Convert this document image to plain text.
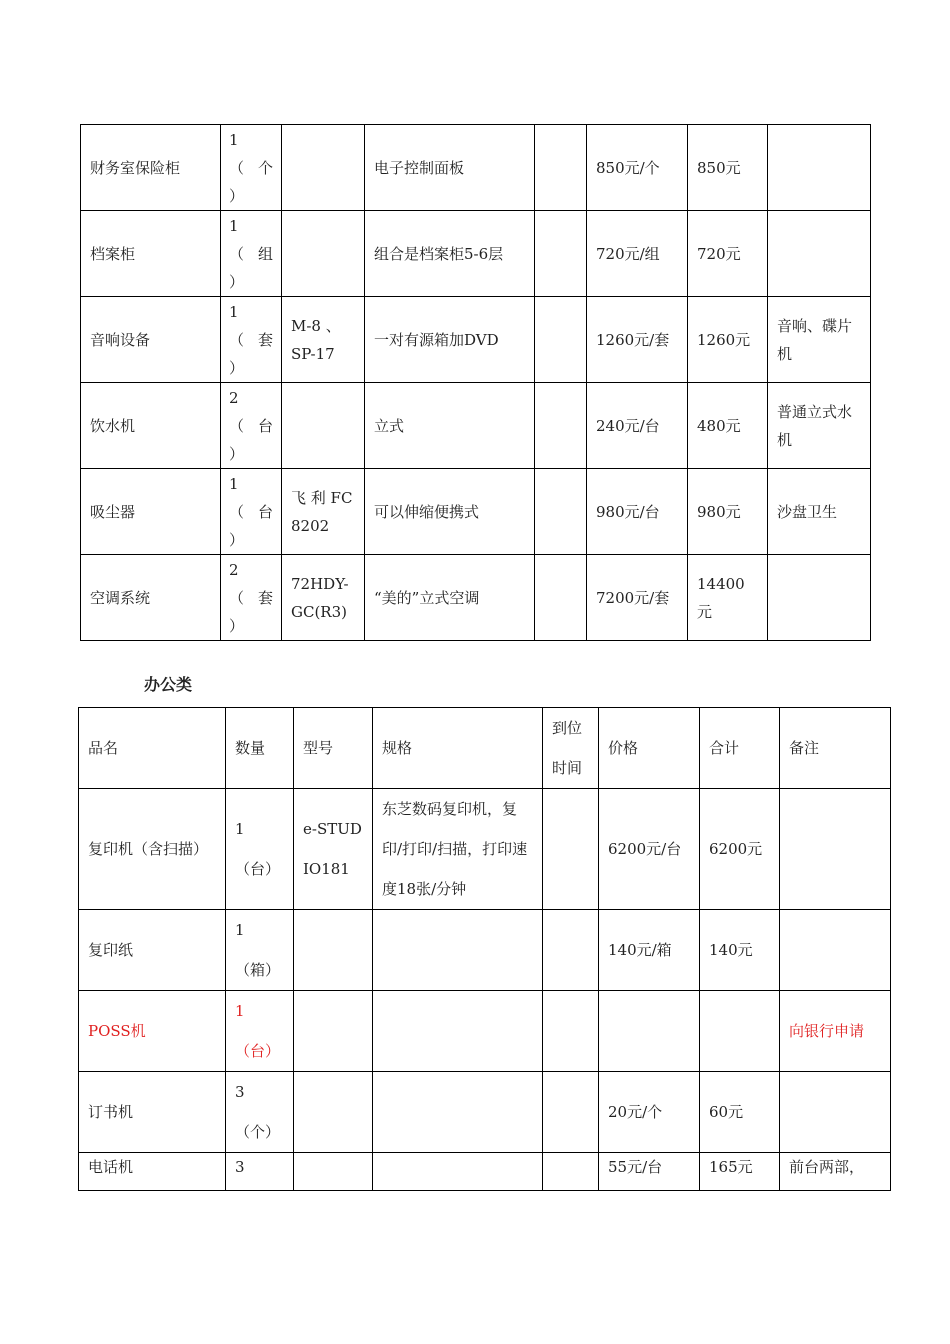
财务室保险柜	1
（个
）		电子控制面板		850元/个	850元	
档案柜	1
（组
）		组合是档案柜5-6层		720元/组	720元	
音响设备	1
（套
）	M-8 、 SP-17	一对有源箱加DVD		1260元/套	1260元	音响、碟片机
饮水机	2
（台
）		立式		240元/台	480元	普通立式水机
吸尘器	1
（台
）	飞 利 FC8202	可以伸缩便携式		980元/台	980元	沙盘卫生
空调系统	2
（套
）	72HDY-GC(R3)	“美的”立式空调		7200元/套	14400元	
办公类
品名	数量	型号	规格	到位时间	价格	合计	备注
复印机（含扫描）	1
（台）	e-STUDIO181	东芝数码复印机，复印/打印/扫描，打印速度18张/分钟		6200元/台	6200元	
复印纸	1
（箱）				140元/箱	140元	
POSS机	1
（台）						向银行申请
订书机	3
（个）				20元/个	60元	
电话机	3				55元/台	165元	前台两部，
